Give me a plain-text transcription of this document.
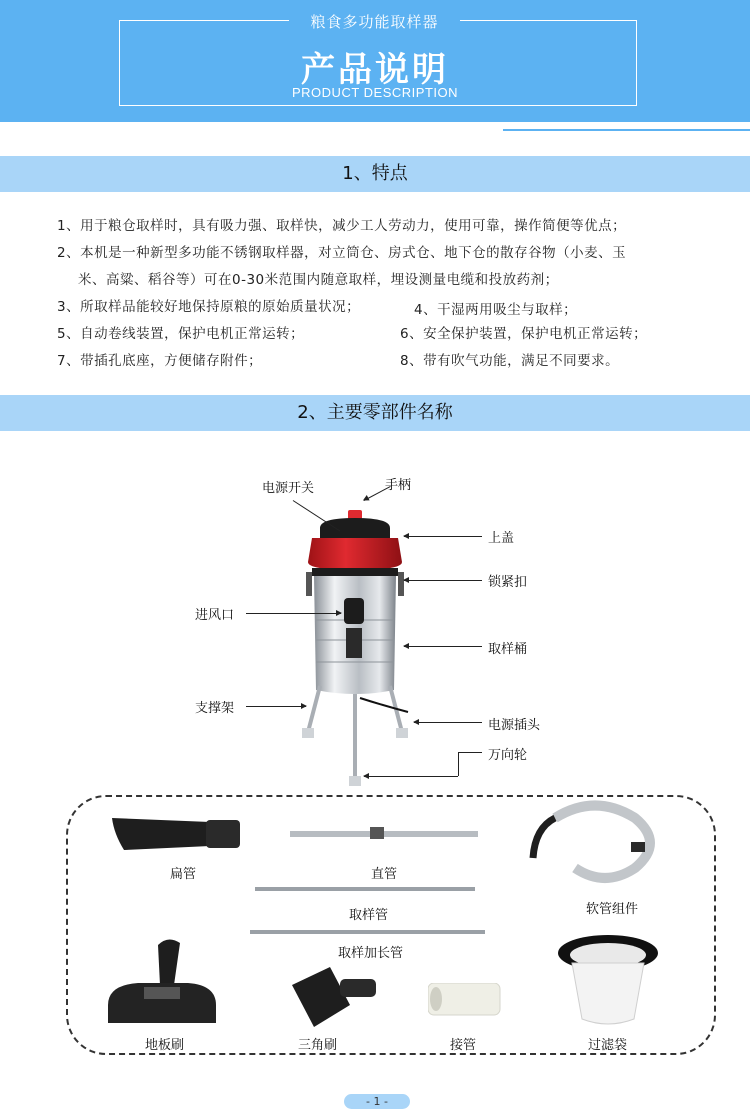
粮食多功能取样器
产品说明
PRODUCT DESCRIPTION
1、特点
1、用于粮仓取样时，具有吸力强、取样快，减少工人劳动力，使用可靠，操作简便等优点；
2、本机是一种新型多功能不锈钢取样器，对立筒仓、房式仓、地下仓的散存谷物（小麦、玉
米、高粱、稻谷等）可在0-30米范围内随意取样，埋设测量电缆和投放药剂；
3、所取样品能较好地保持原粮的原始质量状况；	4、干湿两用吸尘与取样；
5、自动卷线装置，保护电机正常运转；	6、安全保护装置，保护电机正常运转；
7、带插孔底座，方便储存附件；	8、带有吹气功能，满足不同要求。
2、主要零部件名称
电源开关	手柄
上盖
锁紧扣
进风口
取样桶
支撑架
电源插头
万向轮
扁管	直管
软管组件
取样管
取样加长管
地板刷	三角刷	接管	过滤袋
- 1 -
